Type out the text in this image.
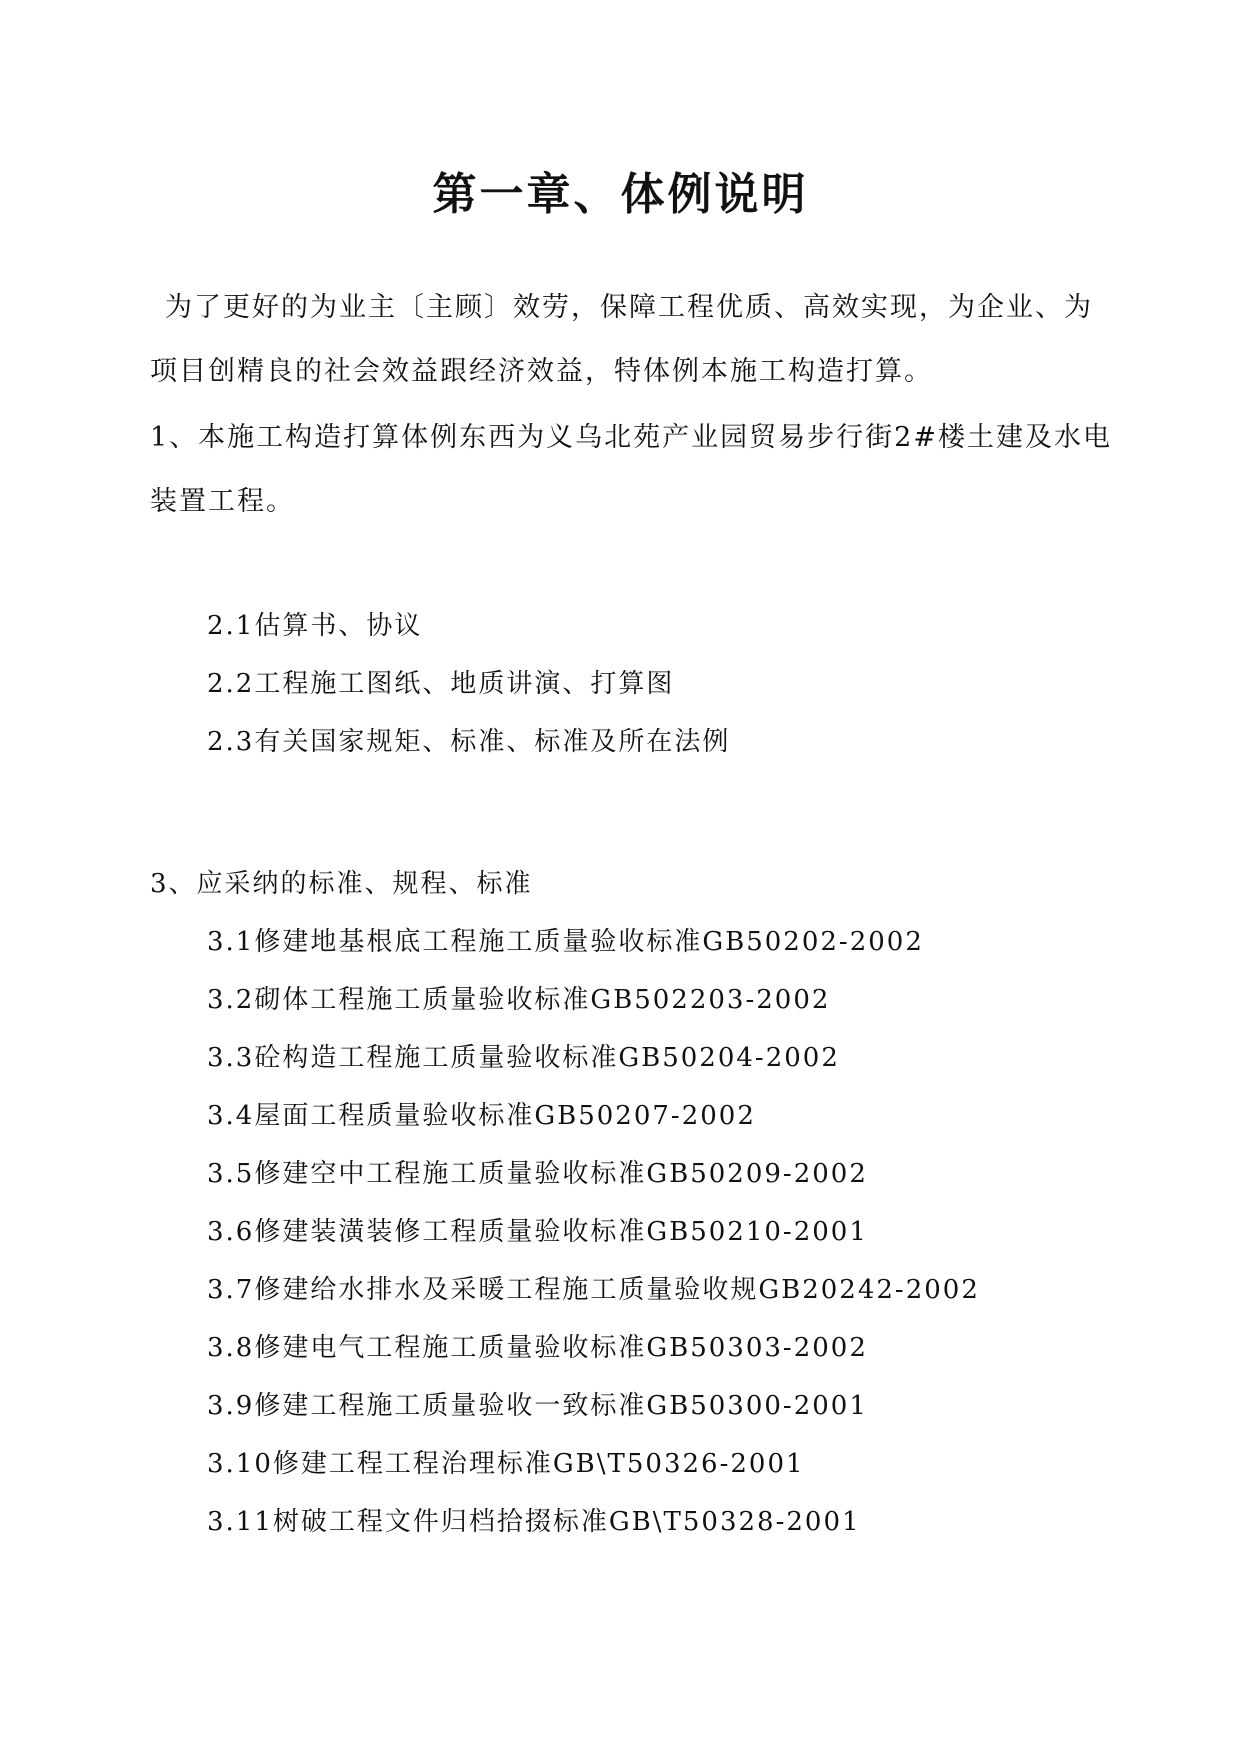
第一章、体例说明

为了更好的为业主〔主顾〕效劳，保障工程优质、高效实现，为企业、为项目创精良的社会效益跟经济效益，特体例本施工构造打算。

1、本施工构造打算体例东西为义乌北苑产业园贸易步行街2#楼土建及水电装置工程。

2.1估算书、协议
2.2工程施工图纸、地质讲演、打算图
2.3有关国家规矩、标准、标准及所在法例
3、应采纳的标准、规程、标准
3.1修建地基根底工程施工质量验收标准GB50202-2002
3.2砌体工程施工质量验收标准GB502203-2002
3.3砼构造工程施工质量验收标准GB50204-2002
3.4屋面工程质量验收标准GB50207-2002
3.5修建空中工程施工质量验收标准GB50209-2002
3.6修建装潢装修工程质量验收标准GB50210-2001
3.7修建给水排水及采暖工程施工质量验收规GB20242-2002
3.8修建电气工程施工质量验收标准GB50303-2002
3.9修建工程施工质量验收一致标准GB50300-2001
3.10修建工程工程治理标准GB\T50326-2001
3.11树破工程文件归档拾掇标准GB\T50328-2001
